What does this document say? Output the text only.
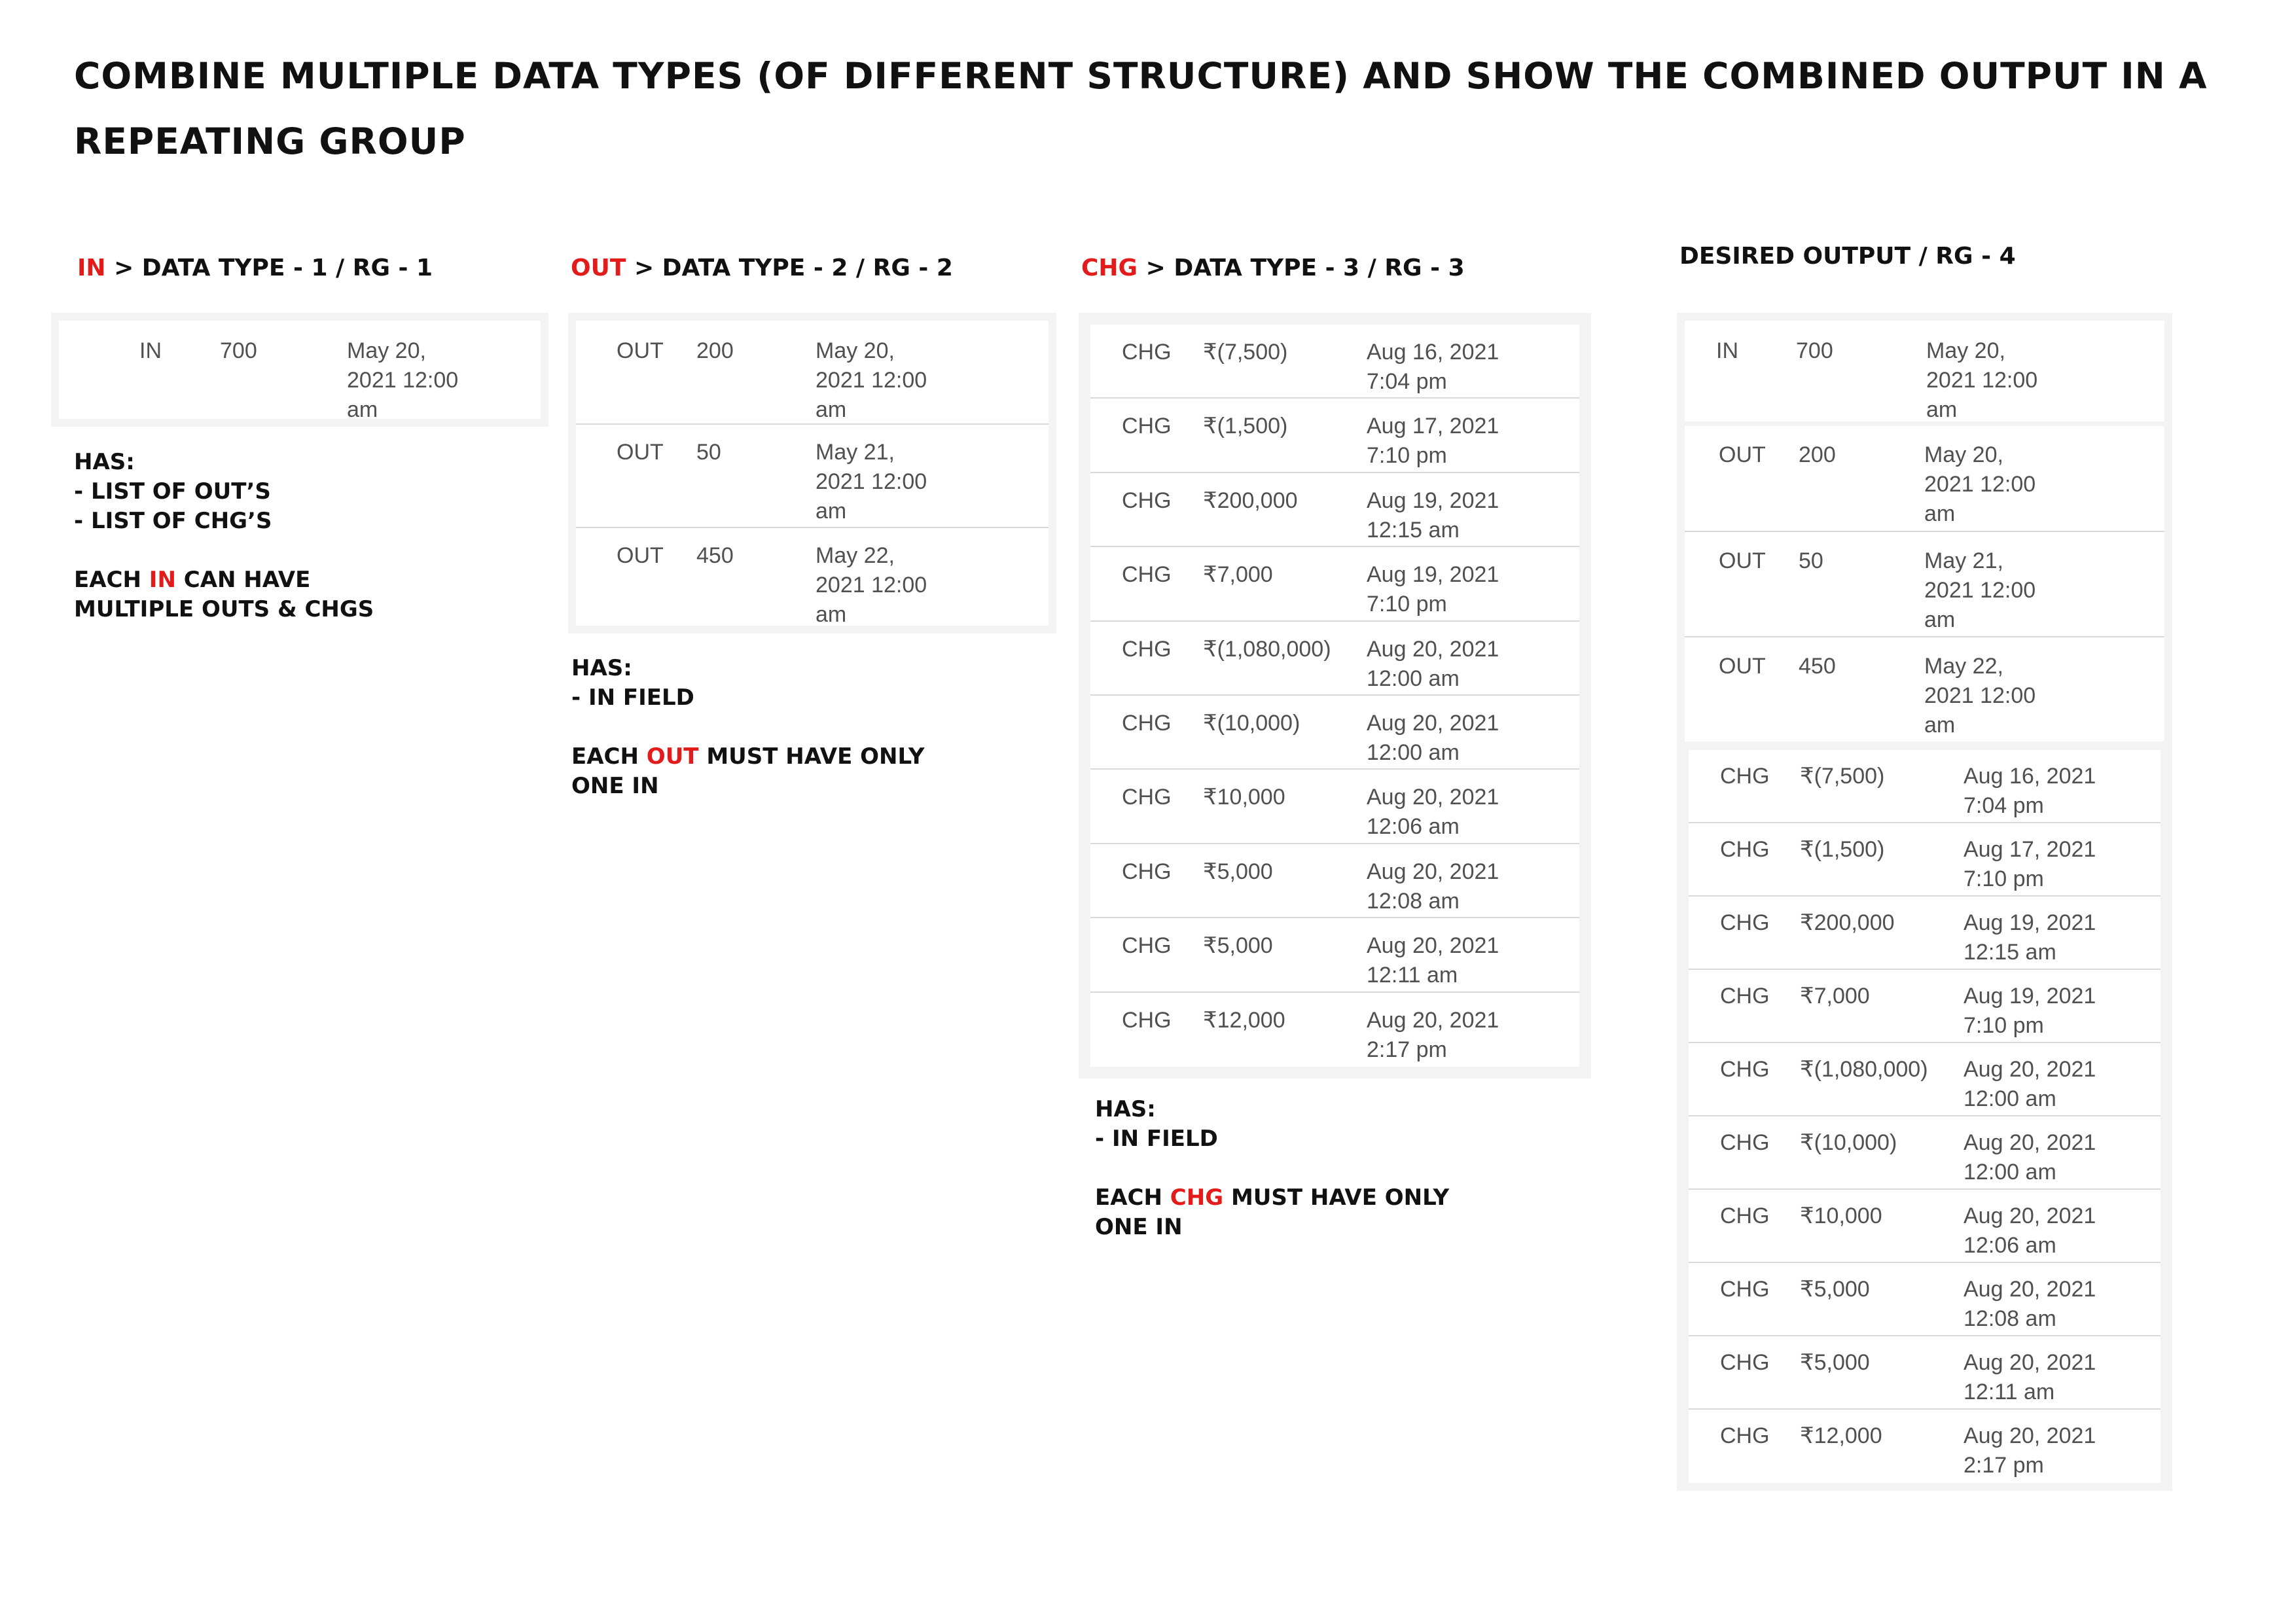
COMBINE MULTIPLE DATA TYPES (OF DIFFERENT STRUCTURE) AND SHOW THE COMBINED OUTPUT IN A REPEATING GROUP
IN > DATA TYPE - 1 / RG - 1	OUT > DATA TYPE - 2 / RG - 2	CHG > DATA TYPE - 3 / RG - 3	DESIRED OUTPUT / RG - 4
IN	700	May 20,
2021 12:00
am

HAS:

- LIST OF OUT’S

- LIST OF CHG’S

EACH IN CAN HAVE

MULTIPLE OUTS & CHGS

OUT 200	May 20,
2021 12:00
am
OUT 50	May 21,
2021 12:00
am
OUT 450	May 22,
2021 12:00
am

HAS:

- IN FIELD

EACH OUT MUST HAVE ONLY

ONE IN

CHG ₹(7,500)	Aug 16, 2021
7:04 pm
CHG ₹(1,500)	Aug 17, 2021
7:10 pm
CHG ₹200,000	Aug 19, 2021
12:15 am
CHG ₹7,000	Aug 19, 2021
7:10 pm
CHG ₹(1,080,000) Aug 20, 2021
12:00 am
CHG ₹(10,000)	Aug 20, 2021
12:00 am
CHG ₹10,000	Aug 20, 2021
12:06 am
CHG ₹5,000	Aug 20, 2021
12:08 am
CHG ₹5,000	Aug 20, 2021
12:11 am
CHG ₹12,000	Aug 20, 2021
2:17 pm

HAS:

- IN FIELD

EACH CHG MUST HAVE ONLY

ONE IN

IN	700	May 20,
2021 12:00
am
OUT 200	May 20,
2021 12:00
am
OUT 50	May 21,
2021 12:00
am
OUT 450	May 22,
2021 12:00
am
CHG ₹(7,500)	Aug 16, 2021
7:04 pm
CHG ₹(1,500)	Aug 17, 2021
7:10 pm
CHG ₹200,000	Aug 19, 2021
12:15 am
CHG ₹7,000	Aug 19, 2021
7:10 pm
CHG ₹(1,080,000) Aug 20, 2021
12:00 am
CHG ₹(10,000)	Aug 20, 2021
12:00 am
CHG ₹10,000	Aug 20, 2021
12:06 am
CHG ₹5,000	Aug 20, 2021
12:08 am
CHG ₹5,000	Aug 20, 2021
12:11 am
CHG ₹12,000	Aug 20, 2021
2:17 pm
